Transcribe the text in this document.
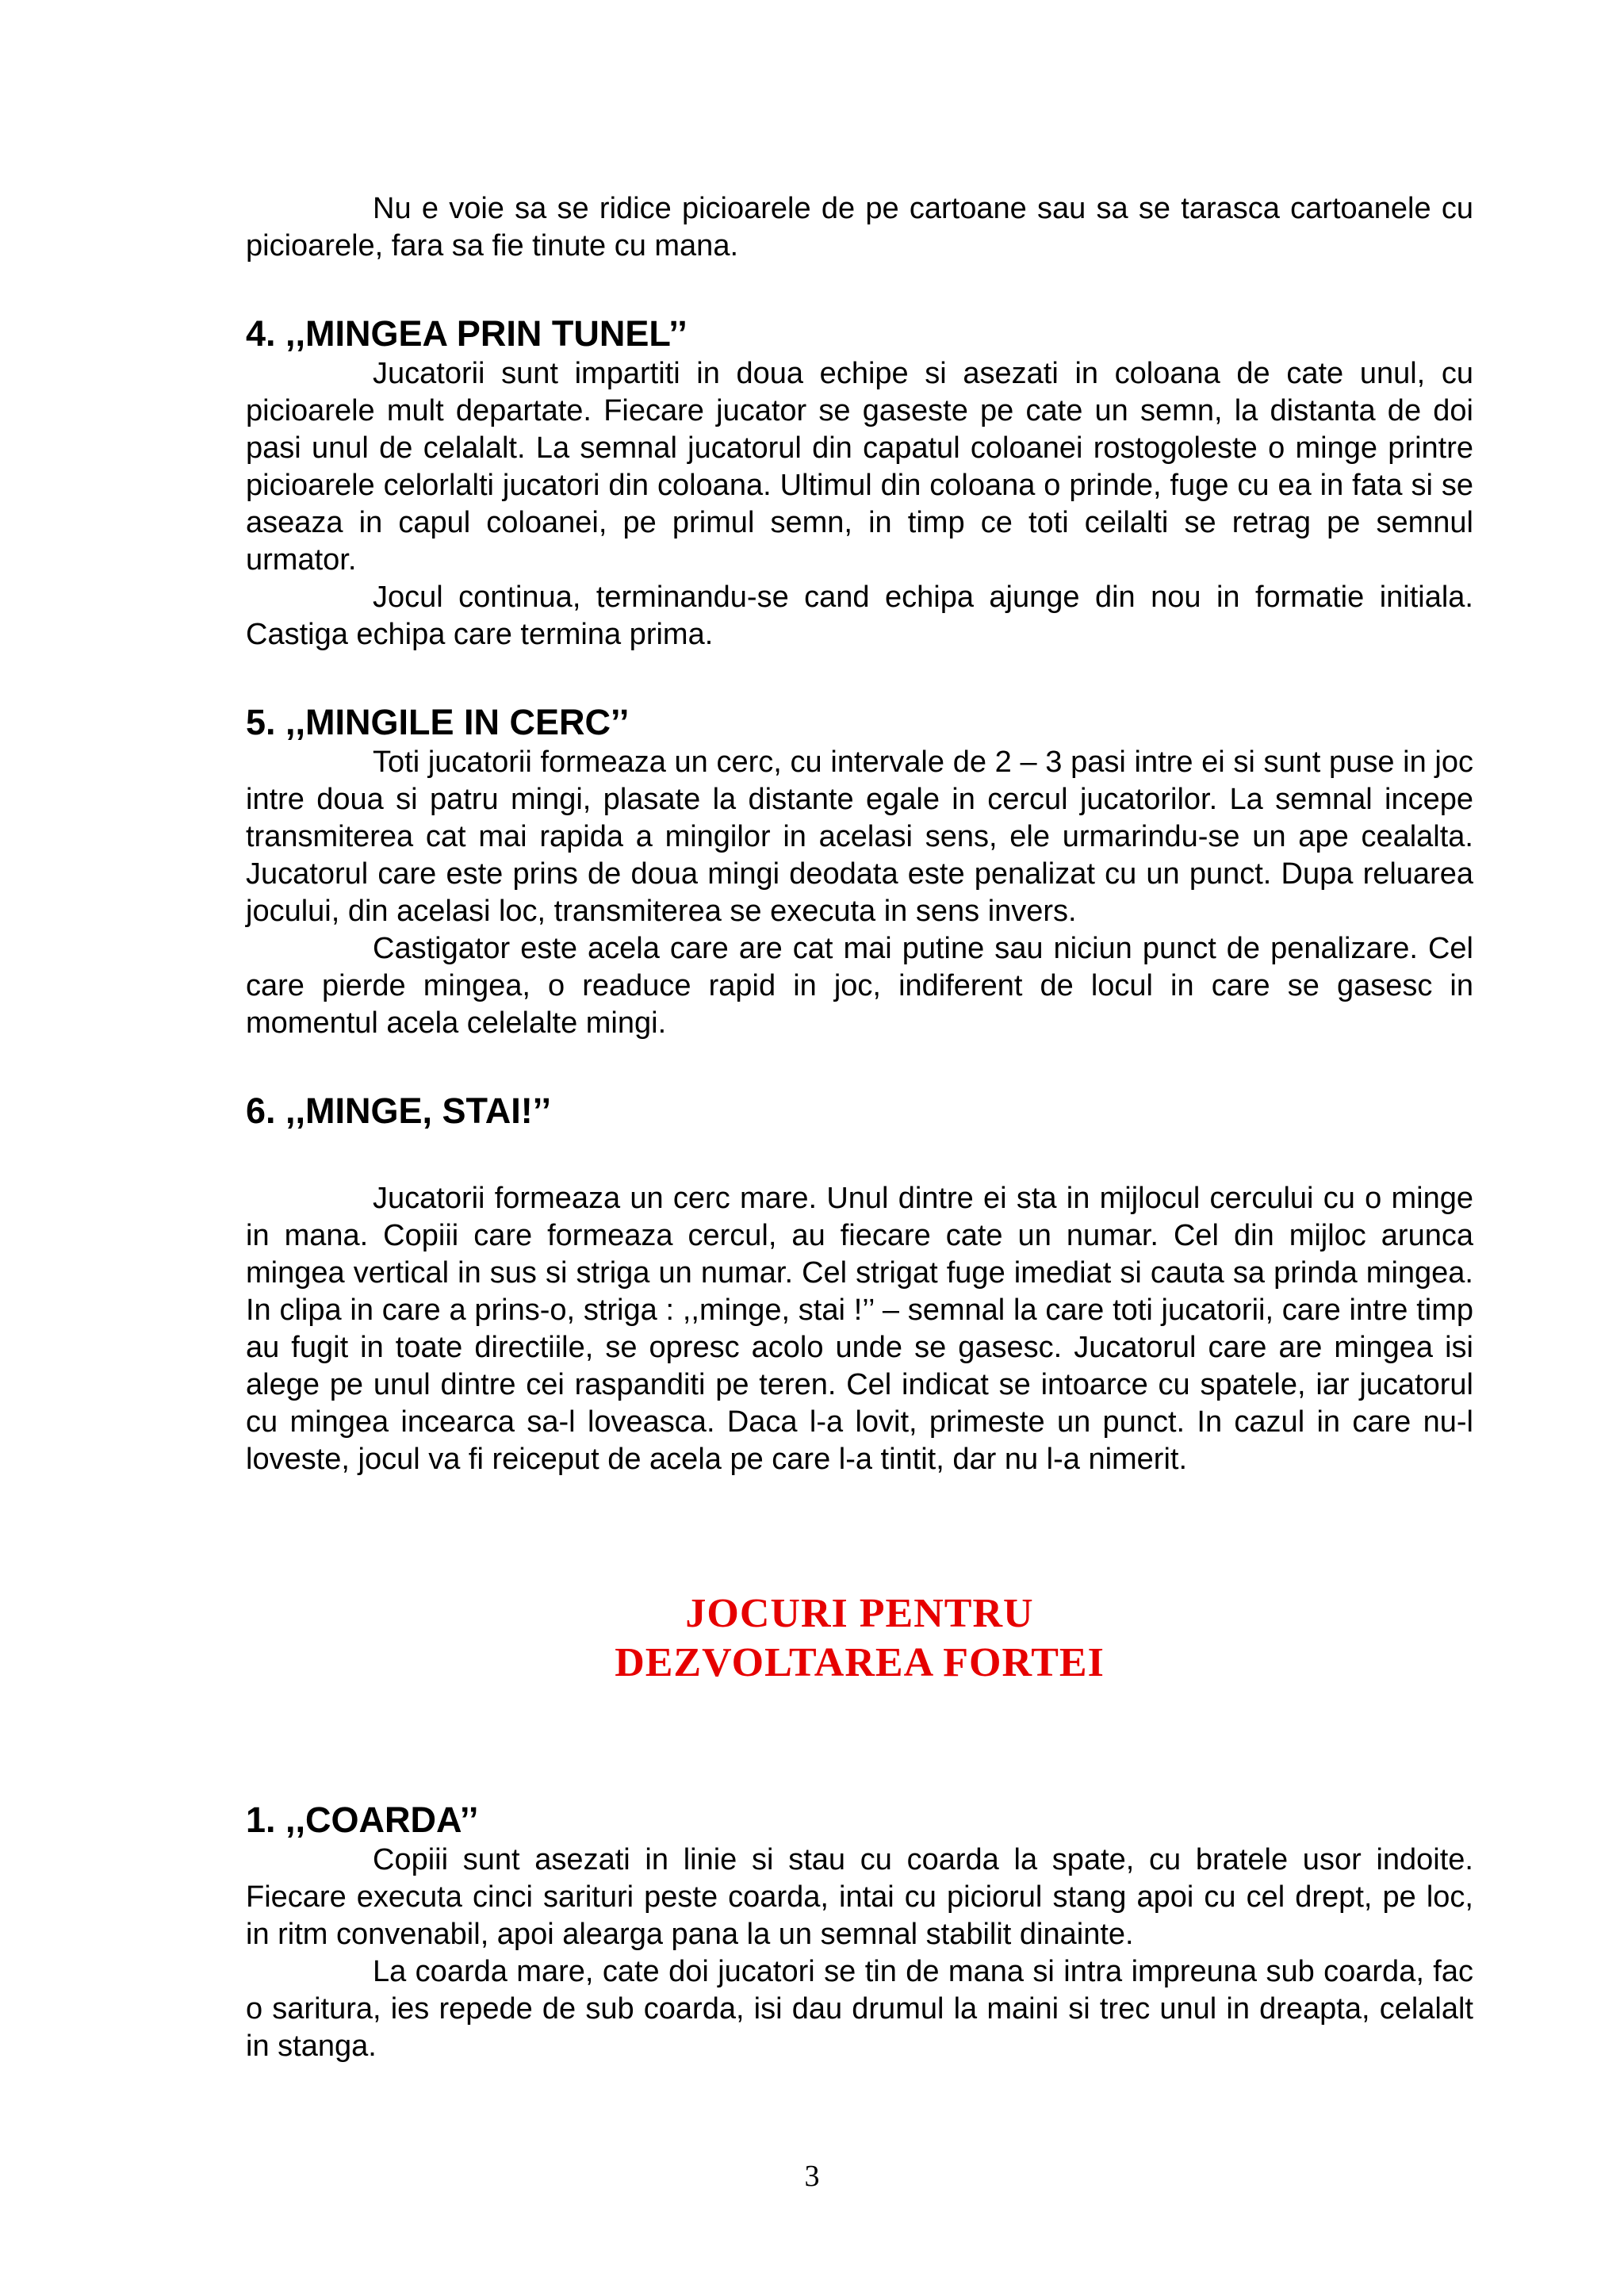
Nu e voie sa se ridice picioarele de pe cartoane sau sa se tarasca cartoanele cu picioarele, fara sa fie tinute cu mana.

4. ,,MINGEA PRIN TUNEL’’

Jucatorii sunt impartiti in doua echipe si asezati in coloana de cate unul, cu picioarele mult departate. Fiecare jucator se gaseste pe cate un semn, la distanta de doi pasi unul de celalalt. La semnal jucatorul din capatul coloanei rostogoleste o minge printre picioarele celorlalti jucatori din coloana. Ultimul din coloana o prinde, fuge cu ea in fata si se aseaza in capul coloanei, pe primul semn, in timp ce toti ceilalti se retrag pe semnul urmator.

Jocul continua, terminandu-se cand echipa ajunge din nou in formatie initiala. Castiga echipa care termina prima.

5. ,,MINGILE IN CERC’’

Toti jucatorii formeaza un cerc, cu intervale de 2 – 3 pasi intre ei si sunt puse in joc intre doua si patru mingi, plasate la distante egale in cercul jucatorilor. La semnal incepe transmiterea cat mai rapida a mingilor in acelasi sens, ele urmarindu-se un ape cealalta. Jucatorul care este prins de doua mingi deodata este penalizat cu un punct. Dupa reluarea jocului, din acelasi loc, transmiterea se executa in sens invers.

Castigator este acela care are cat mai putine sau niciun punct de penalizare. Cel care pierde mingea, o readuce rapid in joc, indiferent de locul in care se gasesc in momentul acela celelalte mingi.

6. ,,MINGE, STAI!’’

Jucatorii formeaza un cerc mare. Unul dintre ei sta in mijlocul cercului cu o minge in mana. Copiii care formeaza cercul, au fiecare cate un numar. Cel din mijloc arunca mingea vertical in sus si striga un numar. Cel strigat fuge imediat si cauta sa prinda mingea. In clipa in care a prins-o, striga : ,,minge, stai !’’ – semnal la care toti jucatorii, care intre timp au fugit in toate directiile, se opresc acolo unde se gasesc. Jucatorul care are mingea isi alege pe unul dintre cei raspanditi pe teren. Cel indicat se intoarce cu spatele, iar jucatorul cu mingea incearca sa-l loveasca. Daca l-a lovit, primeste un punct. In cazul in care nu-l loveste, jocul va fi reiceput de acela pe care l-a tintit, dar nu l-a nimerit.

JOCURI PENTRU
DEZVOLTAREA FORTEI
1. ,,COARDA’’

Copiii sunt asezati in linie si stau cu coarda la spate, cu bratele usor indoite. Fiecare executa cinci sarituri peste coarda, intai cu piciorul stang apoi cu cel drept, pe loc, in ritm convenabil, apoi alearga pana la un semnal stabilit dinainte.

La coarda mare, cate doi jucatori se tin de mana si intra impreuna sub coarda, fac o saritura, ies repede de sub coarda, isi dau drumul la maini si trec unul in dreapta, celalalt in stanga.

3
